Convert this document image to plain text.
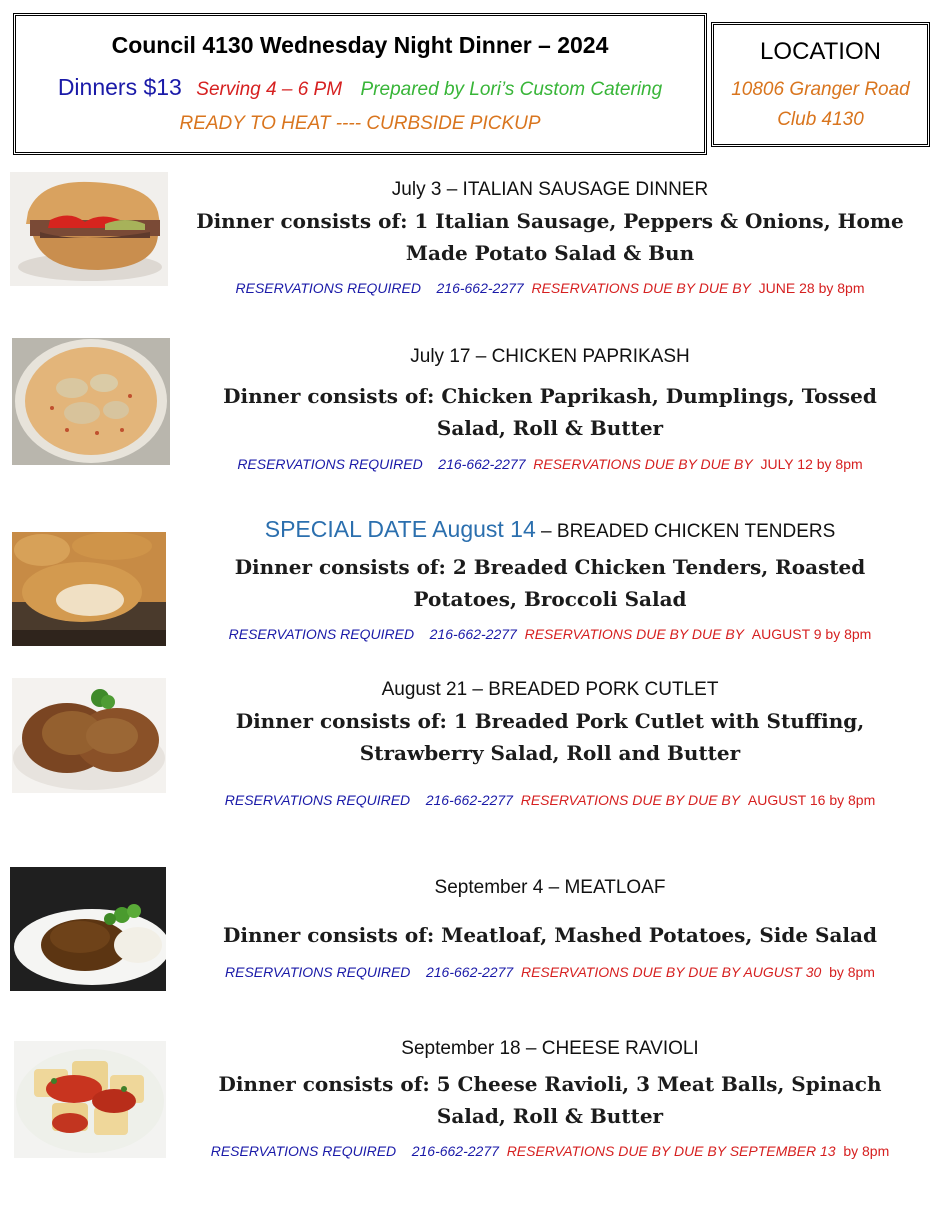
Council 4130 Wednesday Night Dinner – 2024
Dinners $13 Serving 4 – 6 PM Prepared by Lori’s Custom Catering
READY TO HEAT ---- CURBSIDE PICKUP
LOCATION
10806 Granger Road
Club 4130
July 3 – ITALIAN SAUSAGE DINNER
Dinner consists of: 1 Italian Sausage, Peppers & Onions, Home Made Potato Salad & Bun
RESERVATIONS REQUIRED 216-662-2277 RESERVATIONS DUE BY DUE BY JUNE 28 by 8pm
July 17 – CHICKEN PAPRIKASH
Dinner consists of: Chicken Paprikash, Dumplings, Tossed Salad, Roll & Butter
RESERVATIONS REQUIRED 216-662-2277 RESERVATIONS DUE BY DUE BY JULY 12 by 8pm
SPECIAL DATE August 14 – BREADED CHICKEN TENDERS
Dinner consists of: 2 Breaded Chicken Tenders, Roasted Potatoes, Broccoli Salad
RESERVATIONS REQUIRED 216-662-2277 RESERVATIONS DUE BY DUE BY AUGUST 9 by 8pm
August 21 – BREADED PORK CUTLET
Dinner consists of: 1 Breaded Pork Cutlet with Stuffing, Strawberry Salad, Roll and Butter
RESERVATIONS REQUIRED 216-662-2277 RESERVATIONS DUE BY DUE BY AUGUST 16 by 8pm
September 4 – MEATLOAF
Dinner consists of: Meatloaf, Mashed Potatoes, Side Salad
RESERVATIONS REQUIRED 216-662-2277 RESERVATIONS DUE BY DUE BY AUGUST 30 by 8pm
September 18 – CHEESE RAVIOLI
Dinner consists of: 5 Cheese Ravioli, 3 Meat Balls, Spinach Salad, Roll & Butter
RESERVATIONS REQUIRED 216-662-2277 RESERVATIONS DUE BY DUE BY SEPTEMBER 13 by 8pm
